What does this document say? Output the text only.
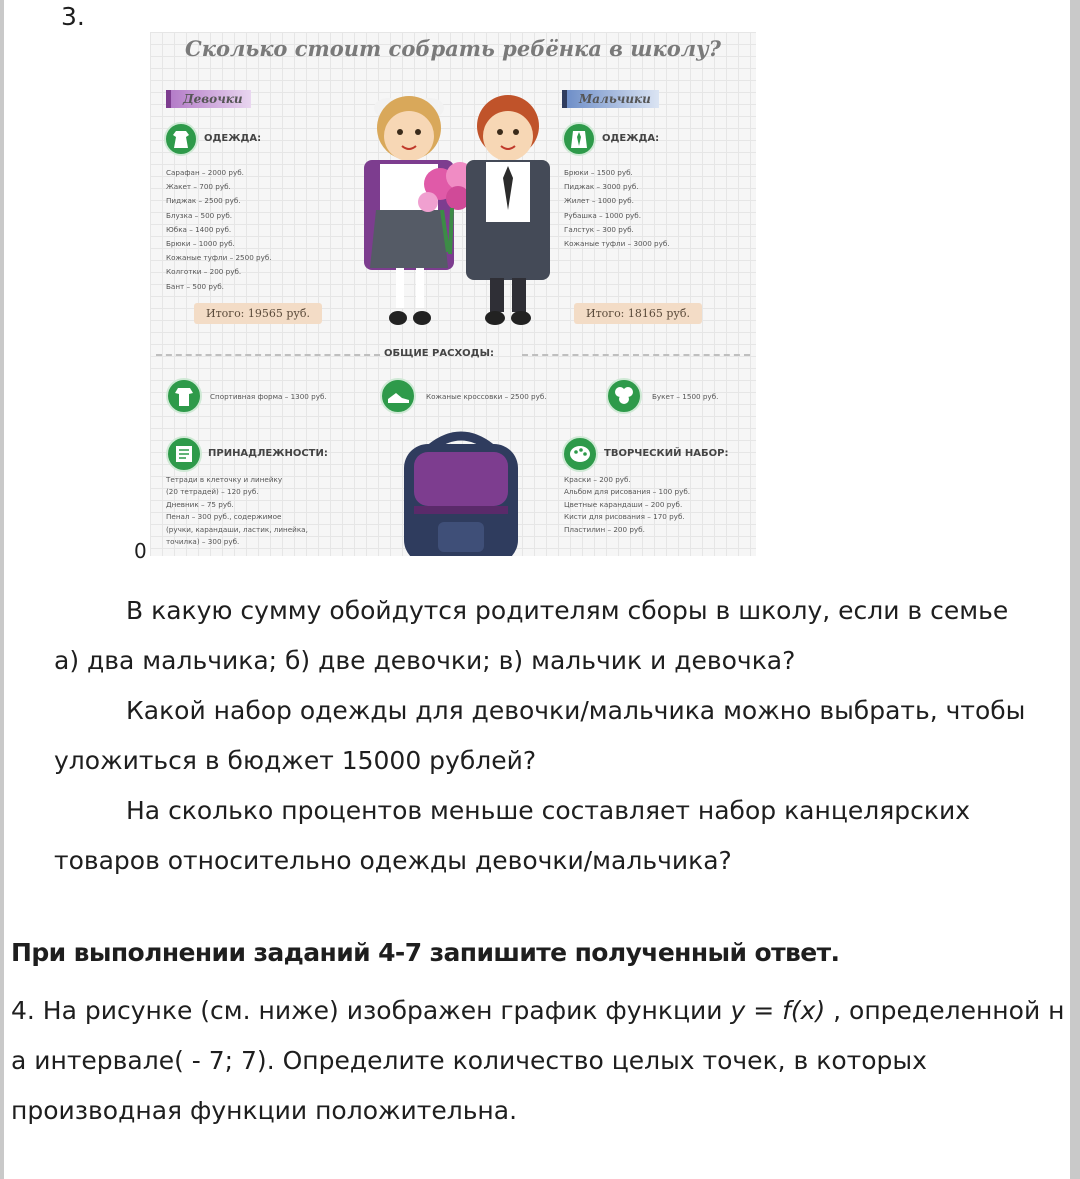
3.
0
Сколько стоит собрать ребёнка в школу?
Девочки
ОДЕЖДА:
Сарафан – 2000 руб.
Жакет – 700 руб.
Пиджак – 2500 руб.
Блузка – 500 руб.
Юбка – 1400 руб.
Брюки – 1000 руб.
Кожаные туфли – 2500 руб.
Колготки – 200 руб.
Бант – 500 руб.
Итого: 19565 руб.
Мальчики
ОДЕЖДА:
Брюки – 1500 руб.
Пиджак – 3000 руб.
Жилет – 1000 руб.
Рубашка – 1000 руб.
Галстук – 300 руб.
Кожаные туфли – 3000 руб.
Итого: 18165 руб.
ОБЩИЕ РАСХОДЫ:
Спортивная форма – 1300 руб.	Кожаные кроссовки – 2500 руб.	Букет – 1500 руб.
ПРИНАДЛЕЖНОСТИ:
Тетради в клеточку и линейку
(20 тетрадей) – 120 руб.
Дневник – 75 руб.
Пенал – 300 руб., содержимое
(ручки, карандаши, ластик, линейка,
точилка) – 300 руб.
ТВОРЧЕСКИЙ НАБОР:
Краски – 200 руб.
Альбом для рисования – 100 руб.
Цветные карандаши – 200 руб.
Кисти для рисования – 170 руб.
Пластилин – 200 руб.
В какую сумму обойдутся родителям сборы в школу, если в семье
а) два мальчика; б) две девочки; в) мальчик и девочка?
Какой набор одежды для девочки/мальчика можно выбрать, чтобы
уложиться в бюджет 15000 рублей?
На сколько процентов меньше составляет набор канцелярских
товаров относительно одежды девочки/мальчика?
При выполнении заданий 4-7 запишите полученный ответ.
4. На рисунке (см. ниже) изображен график функции y = f(x) , определенной н
а интервале( - 7; 7). Определите количество целых точек, в которых
производная функции положительна.
